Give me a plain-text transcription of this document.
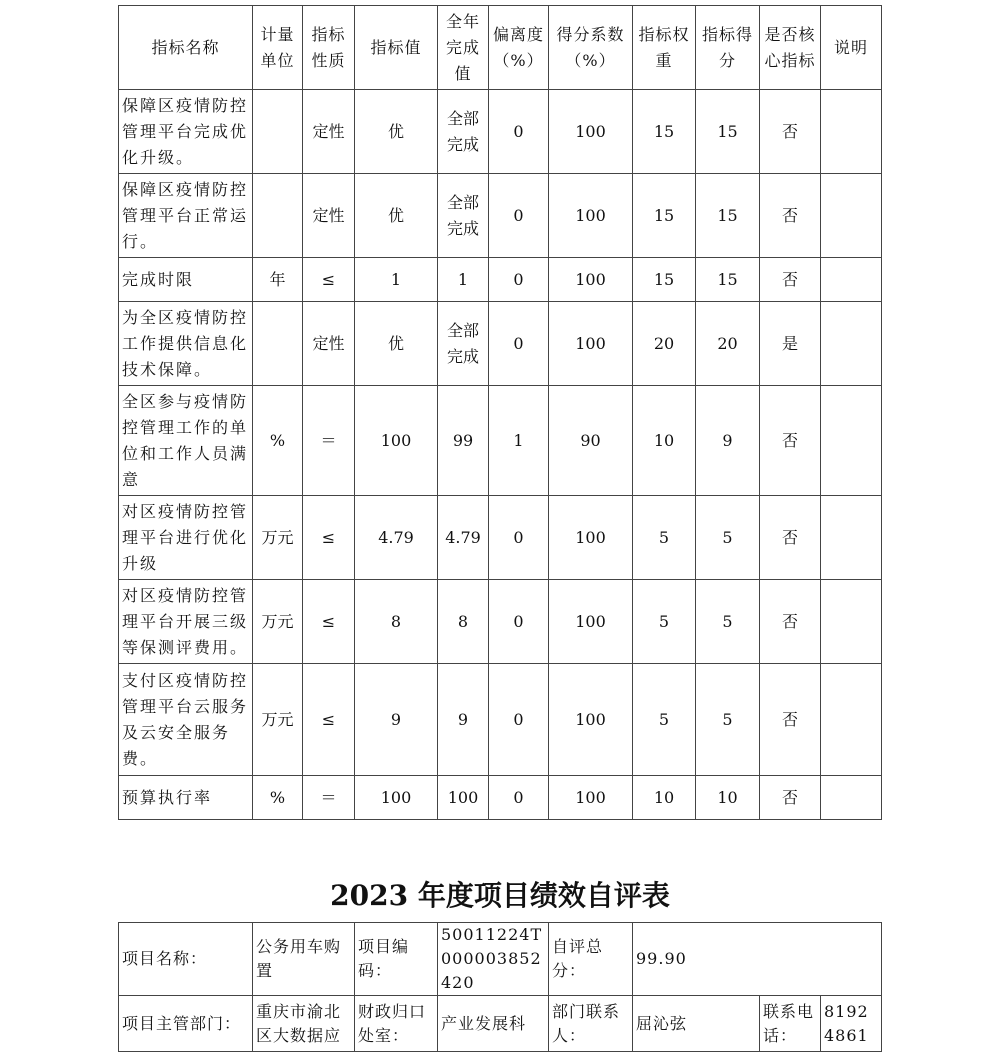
指标名称	计量单位	指标性质	指标值	全年完成值	偏离度（%）	得分系数（%）	指标权重	指标得分	是否核心指标	说明
保障区疫情防控管理平台完成优化升级。		定性	优	全部完成	0	100	15	15	否	
保障区疫情防控管理平台正常运行。		定性	优	全部完成	0	100	15	15	否	
完成时限	年	≤	1	1	0	100	15	15	否	
为全区疫情防控工作提供信息化技术保障。		定性	优	全部完成	0	100	20	20	是	
全区参与疫情防控管理工作的单位和工作人员满意	%	＝	100	99	1	90	10	9	否	
对区疫情防控管理平台进行优化升级	万元	≤	4.79	4.79	0	100	5	5	否	
对区疫情防控管理平台开展三级等保测评费用。	万元	≤	8	8	0	100	5	5	否	
支付区疫情防控管理平台云服务及云安全服务费。	万元	≤	9	9	0	100	5	5	否	
预算执行率	%	＝	100	100	0	100	10	10	否	
2023 年度项目绩效自评表
项目名称：	公务用车购置	项目编码：	50011224T000003852420	自评总分：	99.90		
项目主管部门：	重庆市渝北区大数据应	财政归口处室：	产业发展科	部门联系人：	屈沁弦	联系电话：	81924861
